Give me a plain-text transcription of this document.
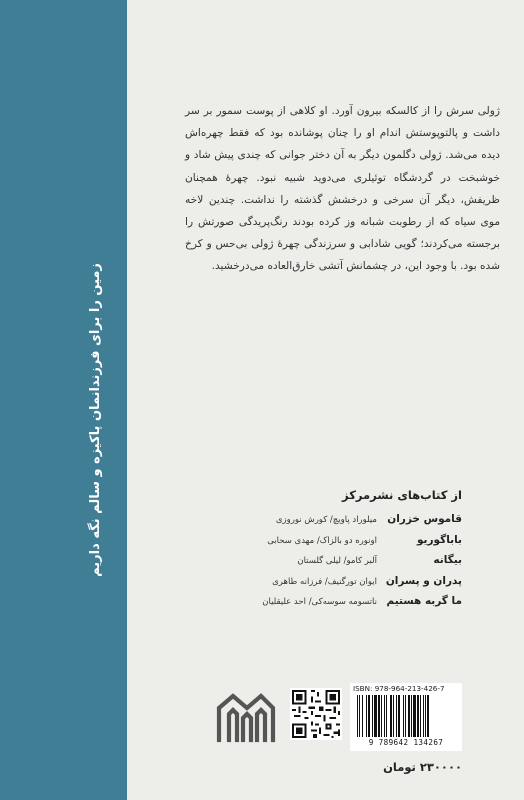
زمین را برای فرزندانمان پاکیزه و سالم نگه داریم

ژولی سرش را از کالسکه بیرون آورد. او کلاهی از پوست سمور بر سر داشت و پالتوپوستش اندام او را چنان پوشانده بود که فقط چهره‌اش دیده می‌شد. ژولی دگلمون دیگر به آن دختر جوانی که چندی پیش شاد و خوشبخت در گردشگاه توئیلری می‌دوید شبیه نبود. چهرهٔ همچنان ظریفش، دیگر آن سرخی و درخشش گذشته را نداشت. چندین لاخه موی سیاه که از رطوبت شبانه وز کرده بودند رنگ‌پریدگی صورتش را برجسته می‌کردند؛ گویی شادابی و سرزندگی چهرهٔ ژولی بی‌حس و کرخ شده بود. با وجود این، در چشمانش آتشی خارق‌العاده می‌درخشید.

از کتاب‌های نشرمرکز
قاموس خزران
میلوراد پاویچ/ کورش نوروزی
باباگوریو
اونوره دو بالزاک/ مهدی سحابی
بیگانه
آلبر کامو/ لیلی گلستان
پدران و پسران
ایوان تورگنیف/ فرزانه طاهری
ما گربه هستیم
ناتسومه سوسه‌کی/ احد علیقلیان
ISBN: 978-964-213-426-7
9 789642 134267
۲۳۰۰۰۰ تومان
